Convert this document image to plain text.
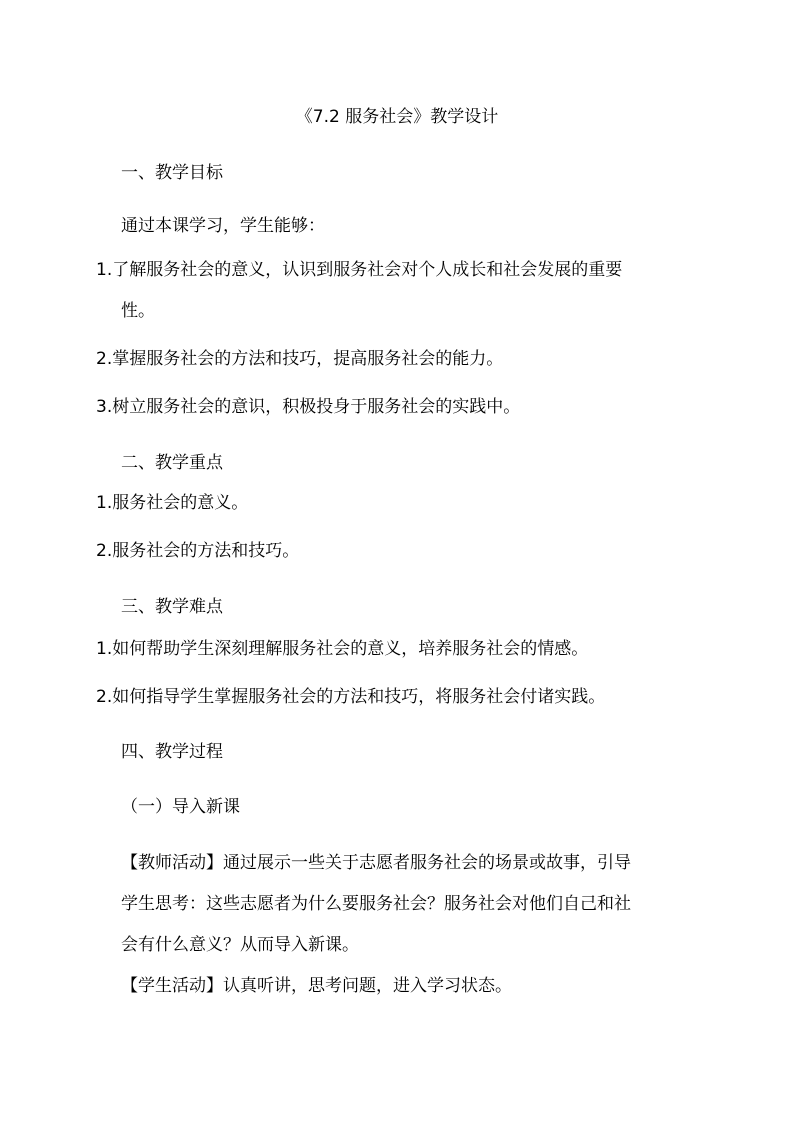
《7.2 服务社会》教学设计
一、教学目标
通过本课学习，学生能够：
1.了解服务社会的意义，认识到服务社会对个人成长和社会发展的重要
性。
2.掌握服务社会的方法和技巧，提高服务社会的能力。
3.树立服务社会的意识，积极投身于服务社会的实践中。
二、教学重点
1.服务社会的意义。
2.服务社会的方法和技巧。
三、教学难点
1.如何帮助学生深刻理解服务社会的意义，培养服务社会的情感。
2.如何指导学生掌握服务社会的方法和技巧，将服务社会付诸实践。
四、教学过程
（一）导入新课
【教师活动】通过展示一些关于志愿者服务社会的场景或故事，引导
学生思考：这些志愿者为什么要服务社会？服务社会对他们自己和社
会有什么意义？从而导入新课。
【学生活动】认真听讲，思考问题，进入学习状态。
